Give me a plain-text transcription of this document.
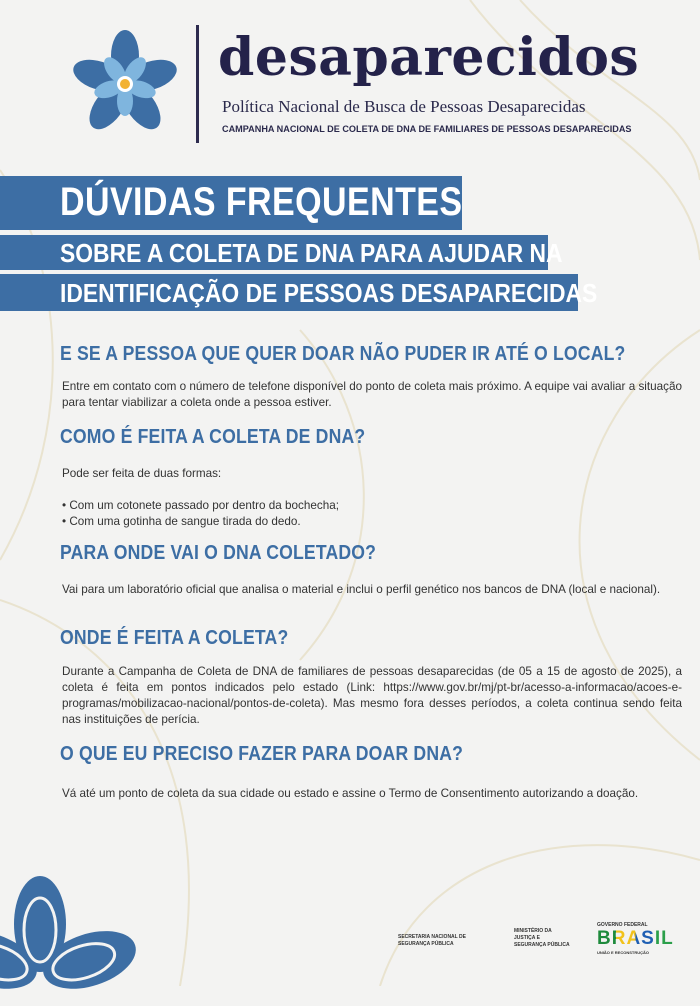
desaparecidos
Política Nacional de Busca de Pessoas Desaparecidas
CAMPANHA NACIONAL DE COLETA DE DNA DE FAMILIARES DE PESSOAS DESAPARECIDAS
DÚVIDAS FREQUENTES
SOBRE A COLETA DE DNA PARA AJUDAR NA
IDENTIFICAÇÃO DE PESSOAS DESAPARECIDAS
E SE A PESSOA QUE QUER DOAR NÃO PUDER IR ATÉ O LOCAL?
Entre em contato com o número de telefone disponível do ponto de coleta mais próximo. A equipe vai avaliar a situação para tentar viabilizar a coleta onde a pessoa estiver.
COMO É FEITA A COLETA DE DNA?
Pode ser feita de duas formas:
• Com um cotonete passado por dentro da bochecha;
• Com uma gotinha de sangue tirada do dedo.
PARA ONDE VAI O DNA COLETADO?
Vai para um laboratório oficial que analisa o material e inclui o perfil genético nos bancos de DNA (local e nacional).
ONDE É FEITA A COLETA?
Durante a Campanha de Coleta de DNA de familiares de pessoas desaparecidas (de 05 a 15 de agosto de 2025), a coleta é feita em pontos indicados pelo estado (Link: https://www.gov.br/mj/pt-br/acesso-a-informacao/acoes-e-programas/mobilizacao-nacional/pontos-de-coleta). Mas mesmo fora desses períodos, a coleta continua sendo feita nas instituições de perícia.
O QUE EU PRECISO FAZER PARA DOAR DNA?
Vá até um ponto de coleta da sua cidade ou estado e assine o Termo de Consentimento autorizando a doação.
SECRETARIA NACIONAL DE
SEGURANÇA PÚBLICA
MINISTÉRIO DA
JUSTIÇA E
SEGURANÇA PÚBLICA
GOVERNO FEDERAL
BRASIL
UNIÃO E RECONSTRUÇÃO
